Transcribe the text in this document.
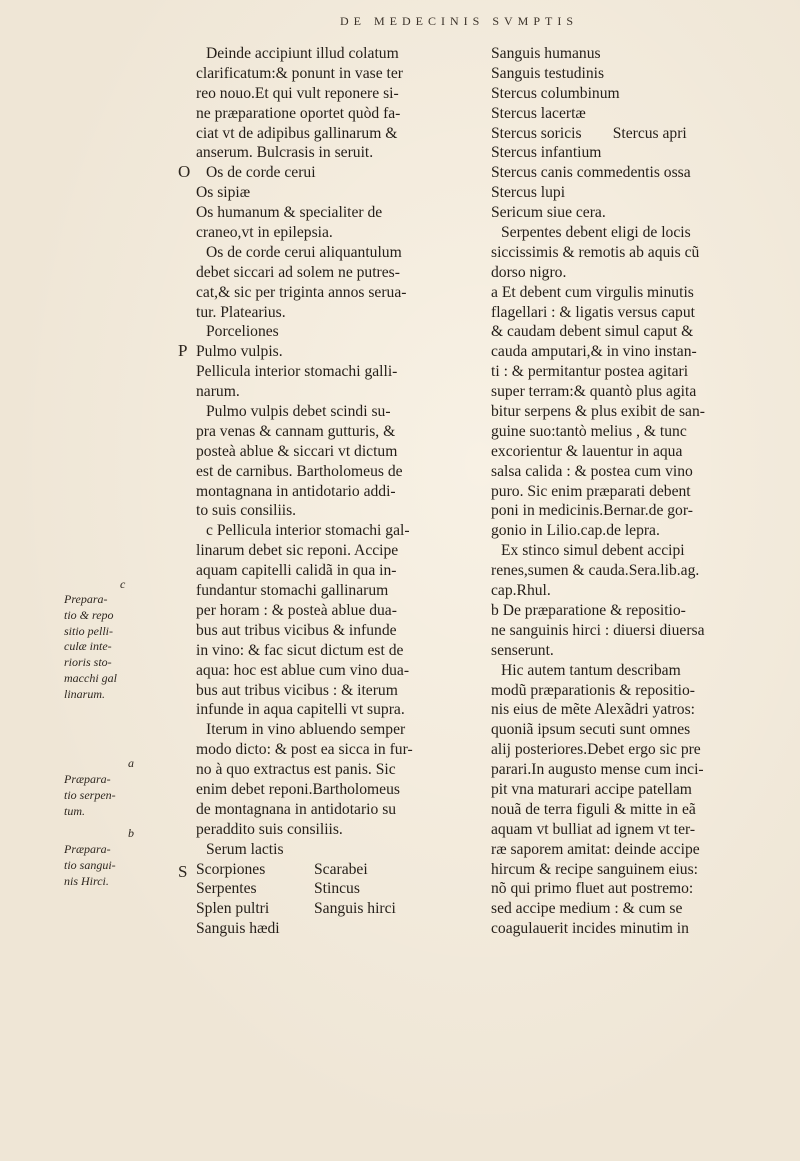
DE MEDECINIS SVMPTIS
O
P
S
c
Prepara-
tio & repo
sitio pelli-
culæ inte-
rioris sto-
macchi gal
linarum.
a
Præpara-
tio serpen-
tum.
b
Præpara-
tio sangui-
nis Hirci.
Deinde accipiunt illud colatum
clarificatum:& ponunt in vase ter
reo nouo.Et qui vult reponere si-
ne præparatione oportet quòd fa-
ciat vt de adipibus gallinarum &
anserum. Bulcrasis in seruit.
Os de corde cerui
Os sipiæ
Os humanum & specialiter de
craneo,vt in epilepsia.
Os de corde cerui aliquantulum
debet siccari ad solem ne putres-
cat,& sic per triginta annos serua-
tur. Platearius.
Porceliones
Pulmo vulpis.
Pellicula interior stomachi galli-
narum.
Pulmo vulpis debet scindi su-
pra venas & cannam gutturis, &
posteà ablue & siccari vt dictum
est de carnibus. Bartholomeus de
montagnana in antidotario addi-
to suis consiliis.
c Pellicula interior stomachi gal-
linarum debet sic reponi. Accipe
aquam capitelli calidã in qua in-
fundantur stomachi gallinarum
per horam : & posteà ablue dua-
bus aut tribus vicibus & infunde
in vino: & fac sicut dictum est de
aqua: hoc est ablue cum vino dua-
bus aut tribus vicibus : & iterum
infunde in aqua capitelli vt supra.
Iterum in vino abluendo semper
modo dicto: & post ea sicca in fur-
no à quo extractus est panis. Sic
enim debet reponi.Bartholomeus
de montagnana in antidotario su
peraddito suis consiliis.
Serum lactis
Scorpiones	Scarabei
Serpentes	Stincus
Splen pultri	Sanguis hirci
Sanguis hædi
Sanguis humanus
Sanguis testudinis
Stercus columbinum
Stercus lacertæ
Stercus soricis        Stercus apri
Stercus infantium
Stercus canis commedentis ossa
Stercus lupi
Sericum siue cera.
Serpentes debent eligi de locis
siccissimis & remotis ab aquis cũ
dorso nigro.
a Et debent cum virgulis minutis
flagellari : & ligatis versus caput
& caudam debent simul caput &
cauda amputari,& in vino instan-
ti : & permitantur postea agitari
super terram:& quantò plus agita
bitur serpens & plus exibit de san-
guine suo:tantò melius , & tunc
excorientur & lauentur in aqua
salsa calida : & postea cum vino
puro. Sic enim præparati debent
poni in medicinis.Bernar.de gor-
gonio in Lilio.cap.de lepra.
Ex stinco simul debent accipi
renes,sumen & cauda.Sera.lib.ag.
cap.Rhul.
b De præparatione & repositio-
ne sanguinis hirci : diuersi diuersa
senserunt.
Hic autem tantum describam
modũ præparationis & repositio-
nis eius de mẽte Alexãdri yatros:
quoniã ipsum secuti sunt omnes
alij posteriores.Debet ergo sic pre
parari.In augusto mense cum inci-
pit vna maturari accipe patellam
nouã de terra figuli & mitte in eã
aquam vt bulliat ad ignem vt ter-
ræ saporem amitat: deinde accipe
hircum & recipe sanguinem eius:
nõ qui primo fluet aut postremo:
sed accipe medium : & cum se
coagulauerit incides minutim in
